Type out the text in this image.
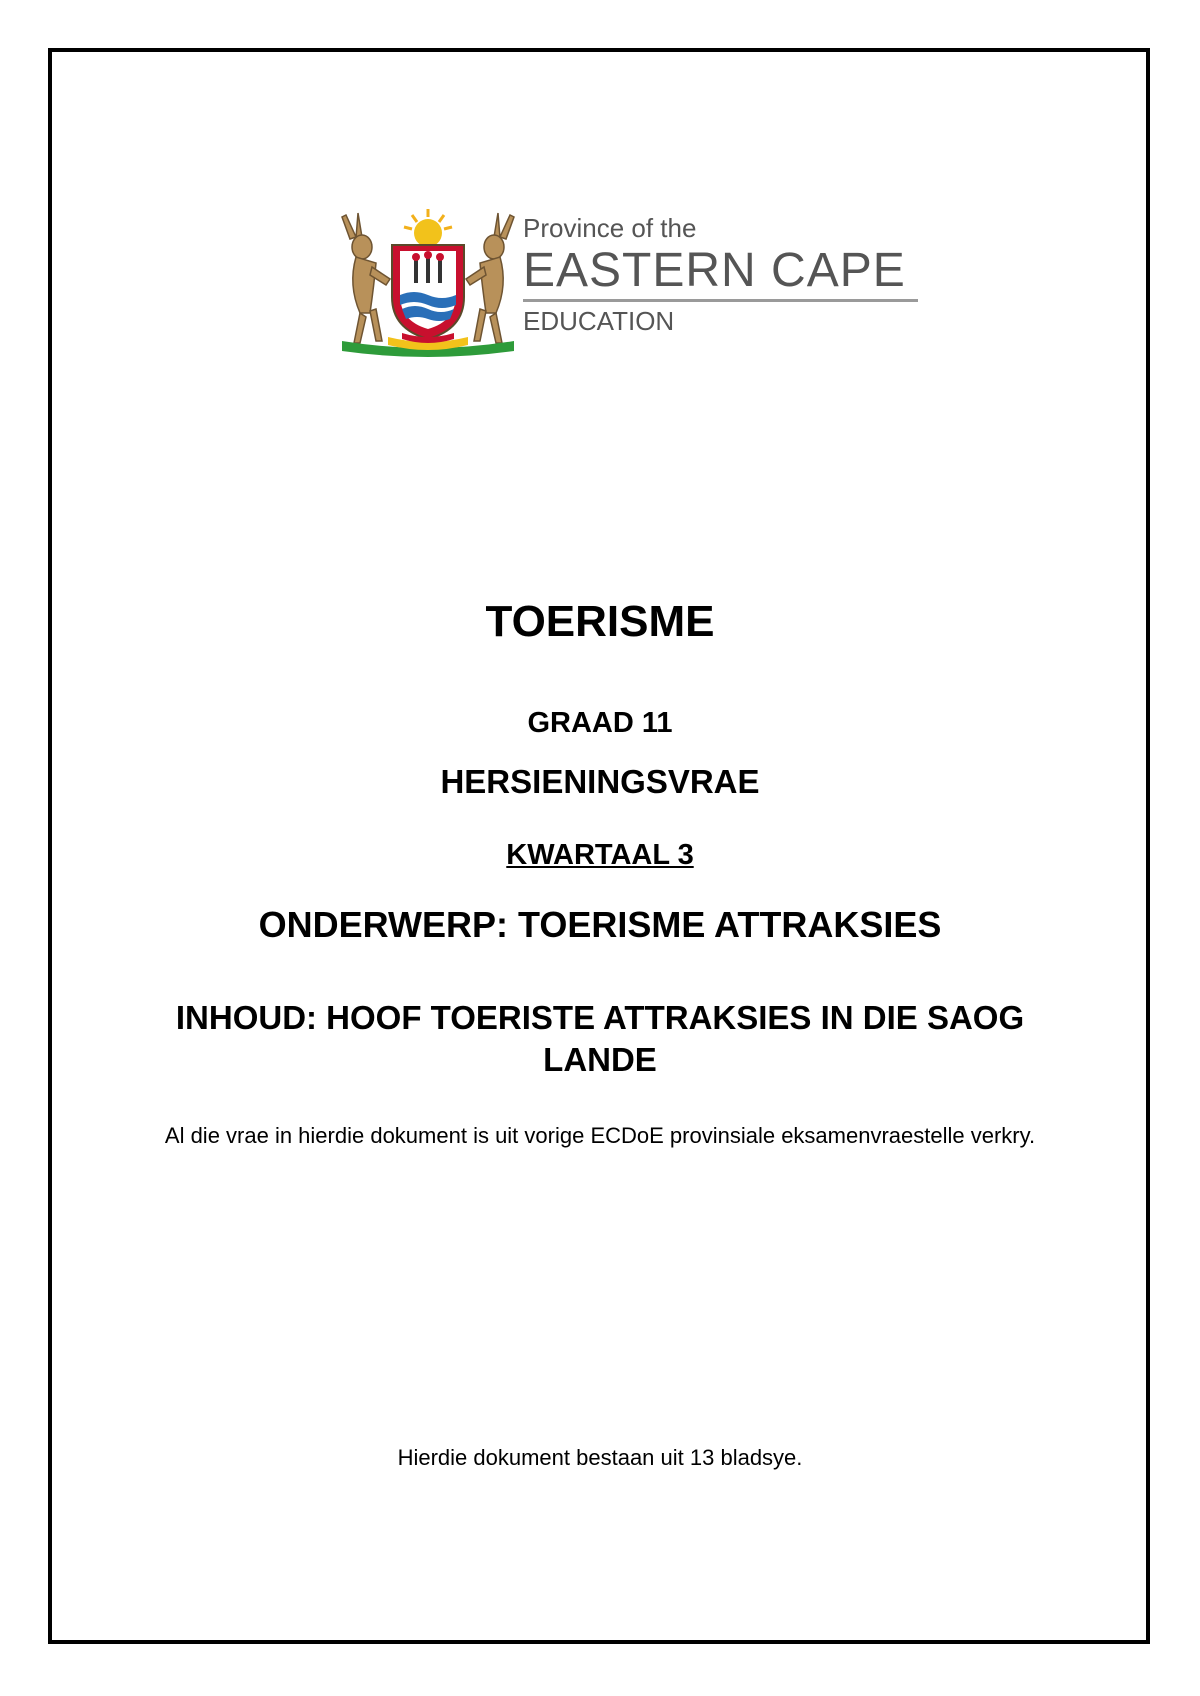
Province of the
EASTERN CAPE
EDUCATION
TOERISME
GRAAD 11
HERSIENINGSVRAE
KWARTAAL 3
ONDERWERP: TOERISME ATTRAKSIES
INHOUD: HOOF TOERISTE ATTRAKSIES IN DIE SAOG LANDE
Al die vrae in hierdie dokument is uit vorige ECDoE provinsiale eksamenvraestelle verkry.
Hierdie dokument bestaan uit 13 bladsye.
